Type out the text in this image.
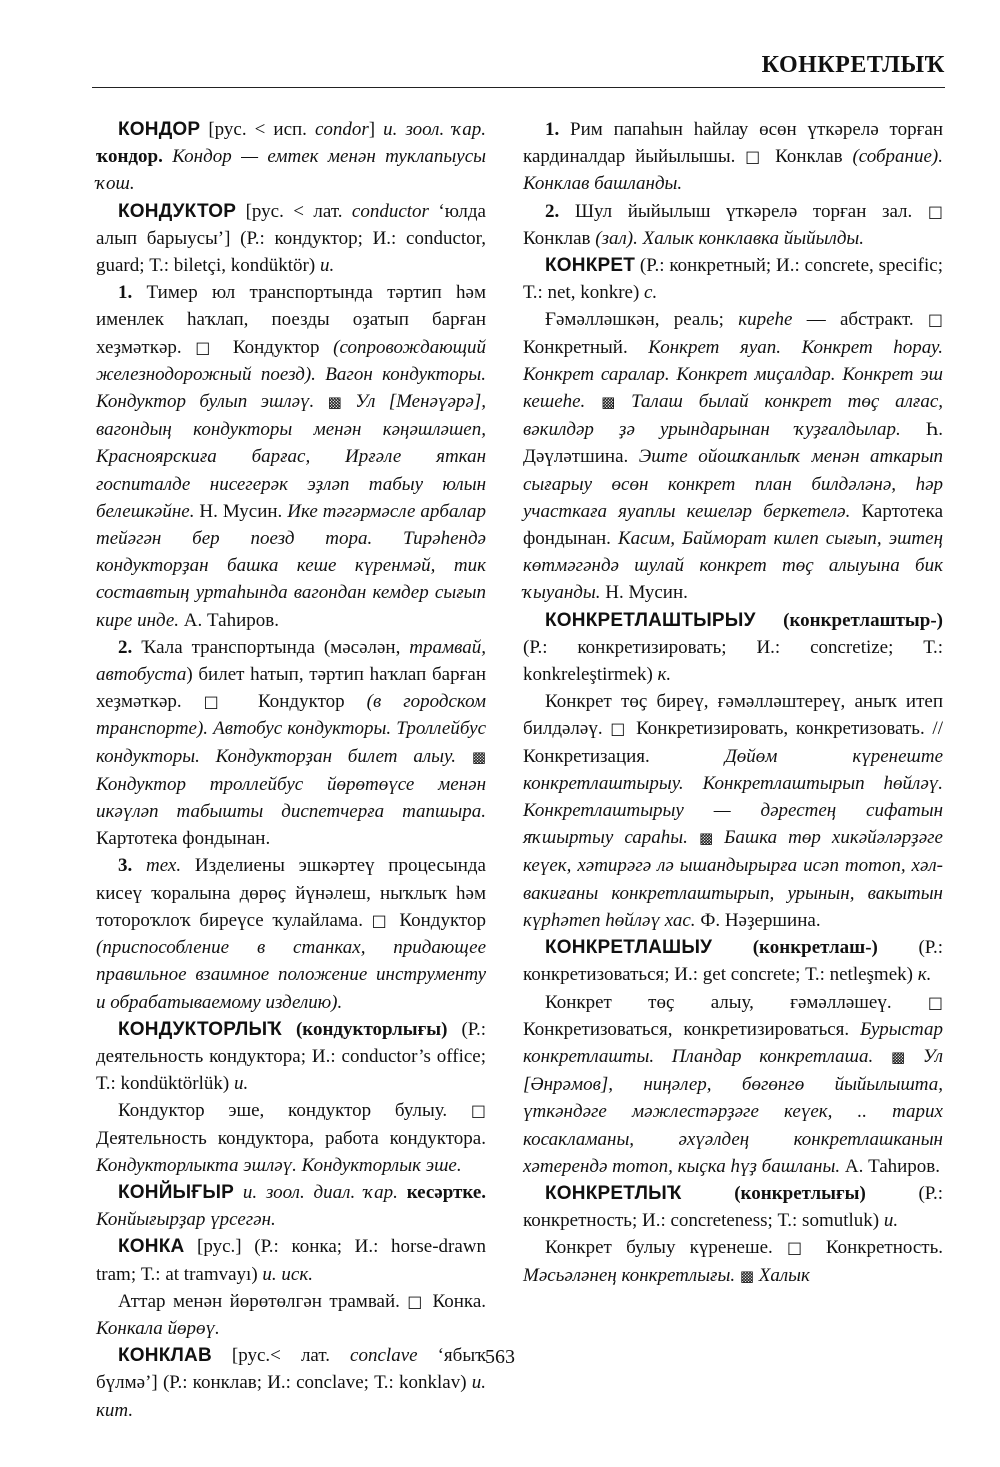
КОНКРЕТЛЫҠ

КОНДОР [рус. < исп. condor] и. зоол. ҡар. ҡондор. Кондор — емтек менән туклanыусы ҡош.

КОНДУКТОР [рус. < лат. conductor ‘юлда алып барыусы’] (Р.: кондуктор; И.: conductor, guard; Т.: biletçi, kondüktör) и.

1. Тимер юл транспортында тәртип һәм именлек һаҡлап, поезды оҙатып барған хеҙмәткәр. □ Кондуктор (сопровождающий железнодорожный поезд). Вагон кондукторы. Кондуктор булып эшләү. ▩ Ул [Менәүәрә], вагондың кондукторы менән кәңәшләшеп, Красноярскиға барғас, Ирғәле яткан госпиталде нисегерәк эҙләп табыу юлын белешкәйне. Н. Мусин. Ике тәгәрмәсле арбалар тейәгән бер поезд тора. Тирәһендә кондукторҙан башка кеше күренмәй, тик составтың уртаһында вагондан кемдер сығып кире инде. А. Таһиров.

2. Ҡала транспортында (мәсәлән, трамвай, автобуста) билет һатып, тәртип һаҡлап барған хеҙмәткәр. □ Кондуктор (в городском транспорте). Автобус кондукторы. Троллейбус кондукторы. Кондукторҙан билет алыу. ▩ Кондуктор троллейбус йөрөтөүсе менән икәүләп табышты диспетчерға тапшыра. Картотека фондынан.

3. тех. Изделиены эшкәртеү процесында кисеү ҡоралына дөрөҫ йүнәлеш, ныҡлыҡ һәм тотороҡлоҡ биреүсе ҡулайлама. □ Кондуктор (приспособление в станках, придающее правильное взаимное положение инструменту и обрабатываемому изделию).

КОНДУКТОРЛЫҠ (кондукторлығы) (Р.: деятельность кондуктора; И.: conductor’s office; Т.: kondüktörlük) и.

Кондуктор эше, кондуктор булыу. □ Деятельность кондуктора, работа кондуктора. Кондукторлыкта эшләү. Кондукторлык эше.

КОНЙЫҒЫР и. зоол. диал. ҡар. кесәртке. Конйығырҙар үрсегән.

КОНКА [рус.] (Р.: конка; И.: horse-drawn tram; Т.: at tramvayı) и. иск.

Аттар менән йөрөтөлгән трамвай. □ Конка. Конкала йөрөү.

КОНКЛАВ [рус.< лат. conclave ‘ябыҡ бүлмә’] (Р.: конклав; И.: conclave; Т.: konklav) и. кит.

1. Рим папаһын һайлау өсөн үткәрелә торған кардиналдар йыйылышы. □ Конклав (собрание). Конклав башланды.

2. Шул йыйылыш үткәрелә торған зал. □ Конклав (зал). Халык конклавка йыйылды.

КОНКРЕТ (Р.: конкретный; И.: concrete, specific; Т.: net, konkre) с.

Ғәмәлләшкән, реаль; киреһе — абстракт. □ Конкретный. Конкрет яуап. Конкрет һорау. Конкрет саралар. Конкрет миҫалдар. Конкрет эш кешеһе. ▩ Талаш былай конкрет төҫ алғас, вәкилдәр ҙә урындарынан ҡуҙғалдылар. Һ. Дәүләтшина. Эште ойошҡанлыҡ менән аткарып сығарыу өсөн конкрет план билдәләнә, һәр участкаға яуаплы кешеләр беркетелә. Картотека фондынан. Касим, Байморат килеп сығып, эштең көтмәгәндә шулай конкрет төҫ алыуына бик ҡыуанды. Н. Мусин.

КОНКРЕТЛАШТЫРЫУ (конкретлаштыр-) (Р.: конкретизировать; И.: concretize; Т.: konkreleştirmek) к.

Конкрет төҫ биреү, ғәмәлләштереү, аныҡ итеп билдәләү. □ Конкретизировать, конкретизовать. // Конкретизация. Дөйөм күренеште конкретлаштырыу. Конкретлаштырып һөйләү. Конкретлаштырыу — дәрестең сифатын яҡшыртыу сараһы. ▩ Башка төр хикәйәләрҙәге кеүек, хәтирәгә лә ышандырырға исәп тотоп, хәл-вакиғаны конкретлаштырып, урынын, вакытын күрһәтеп һөйләү хас. Ф. Нәҙершина.

КОНКРЕТЛАШЫУ (конкретлаш-) (Р.: конкретизоваться; И.: get concrete; Т.: netleşmek) к.

Конкрет төҫ алыу, ғәмәлләшеү. □ Конкретизоваться, конкретизироваться. Бурыстар конкретлашты. Пландар конкретлаша. ▩ Ул [Әнрәмов], ниңәлер, бөгөнгө йыйылышта, үткәндәге мәжлестәрҙәге кеүек, .. тарих косакламаны, әхүәлдең конкретлашканын хәтерендә тотоп, кыҫка һүҙ башланы. А. Таһиров.

КОНКРЕТЛЫҠ (конкретлығы) (Р.: конкретность; И.: concreteness; Т.: somutluk) и.

Конкрет булыу күренеше. □ Конкретность. Мәсьәләнең конкретлығы. ▩ Халык

563
